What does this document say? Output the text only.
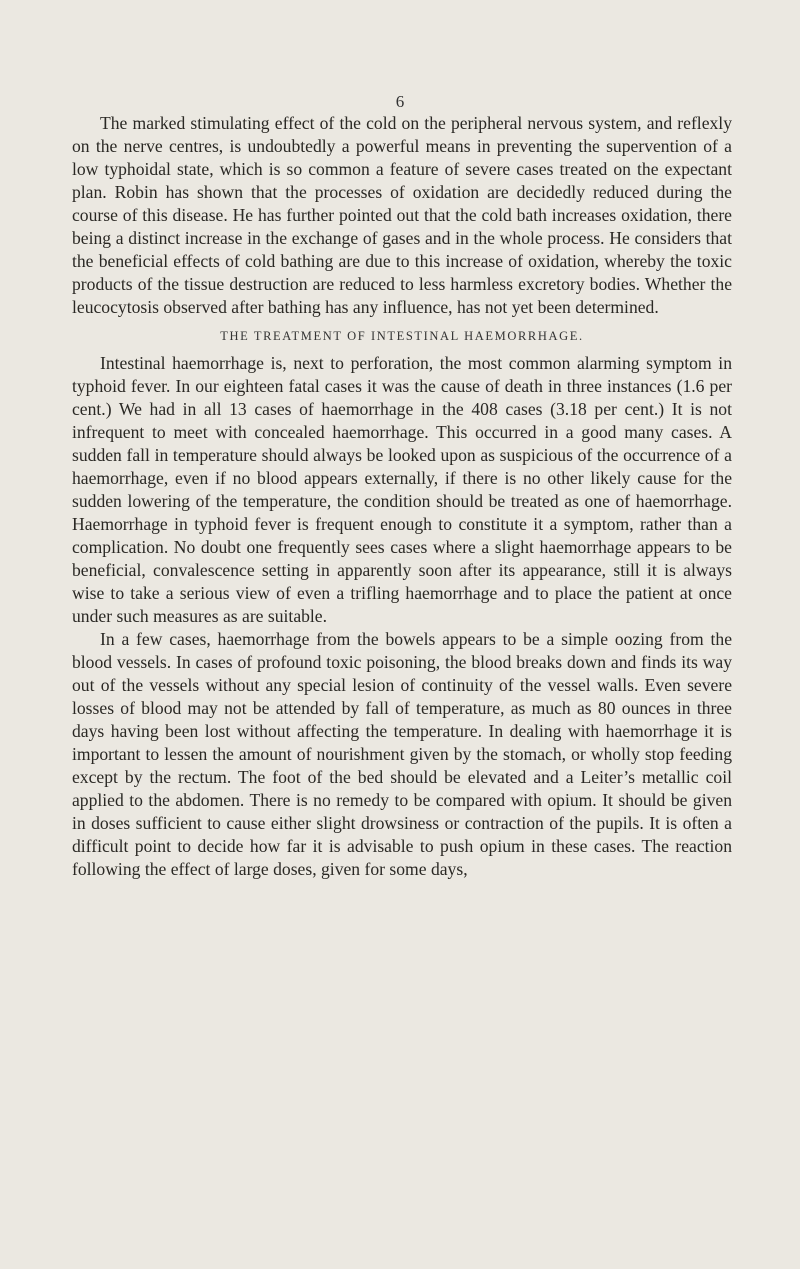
6

The marked stimulating effect of the cold on the peripheral nervous system, and reflexly on the nerve centres, is undoubtedly a powerful means in preventing the supervention of a low typhoidal state, which is so common a feature of severe cases treated on the expectant plan. Robin has shown that the processes of oxidation are decidedly reduced during the course of this disease. He has further pointed out that the cold bath increases oxidation, there being a distinct increase in the exchange of gases and in the whole process. He considers that the beneficial effects of cold bathing are due to this increase of oxidation, whereby the toxic products of the tissue destruction are reduced to less harmless excretory bodies. Whether the leucocytosis observed after bathing has any influence, has not yet been determined.

THE TREATMENT OF INTESTINAL HAEMORRHAGE.

Intestinal haemorrhage is, next to perforation, the most common alarming symptom in typhoid fever. In our eighteen fatal cases it was the cause of death in three instances (1.6 per cent.) We had in all 13 cases of haemorrhage in the 408 cases (3.18 per cent.) It is not infrequent to meet with concealed haemorrhage. This occurred in a good many cases. A sudden fall in temperature should always be looked upon as suspicious of the occurrence of a haemorrhage, even if no blood appears externally, if there is no other likely cause for the sudden lowering of the temperature, the condition should be treated as one of haemorrhage. Haemorrhage in typhoid fever is frequent enough to constitute it a symptom, rather than a complication. No doubt one frequently sees cases where a slight haemorrhage appears to be beneficial, convalescence setting in apparently soon after its appearance, still it is always wise to take a serious view of even a trifling haemorrhage and to place the patient at once under such measures as are suitable.

In a few cases, haemorrhage from the bowels appears to be a simple oozing from the blood vessels. In cases of profound toxic poisoning, the blood breaks down and finds its way out of the vessels without any special lesion of continuity of the vessel walls. Even severe losses of blood may not be attended by fall of temperature, as much as 80 ounces in three days having been lost without affecting the temperature. In dealing with haemorrhage it is important to lessen the amount of nourishment given by the stomach, or wholly stop feeding except by the rectum. The foot of the bed should be elevated and a Leiter’s metallic coil applied to the abdomen. There is no remedy to be compared with opium. It should be given in doses sufficient to cause either slight drowsiness or contraction of the pupils. It is often a difficult point to decide how far it is advisable to push opium in these cases. The reaction following the effect of large doses, given for some days,
